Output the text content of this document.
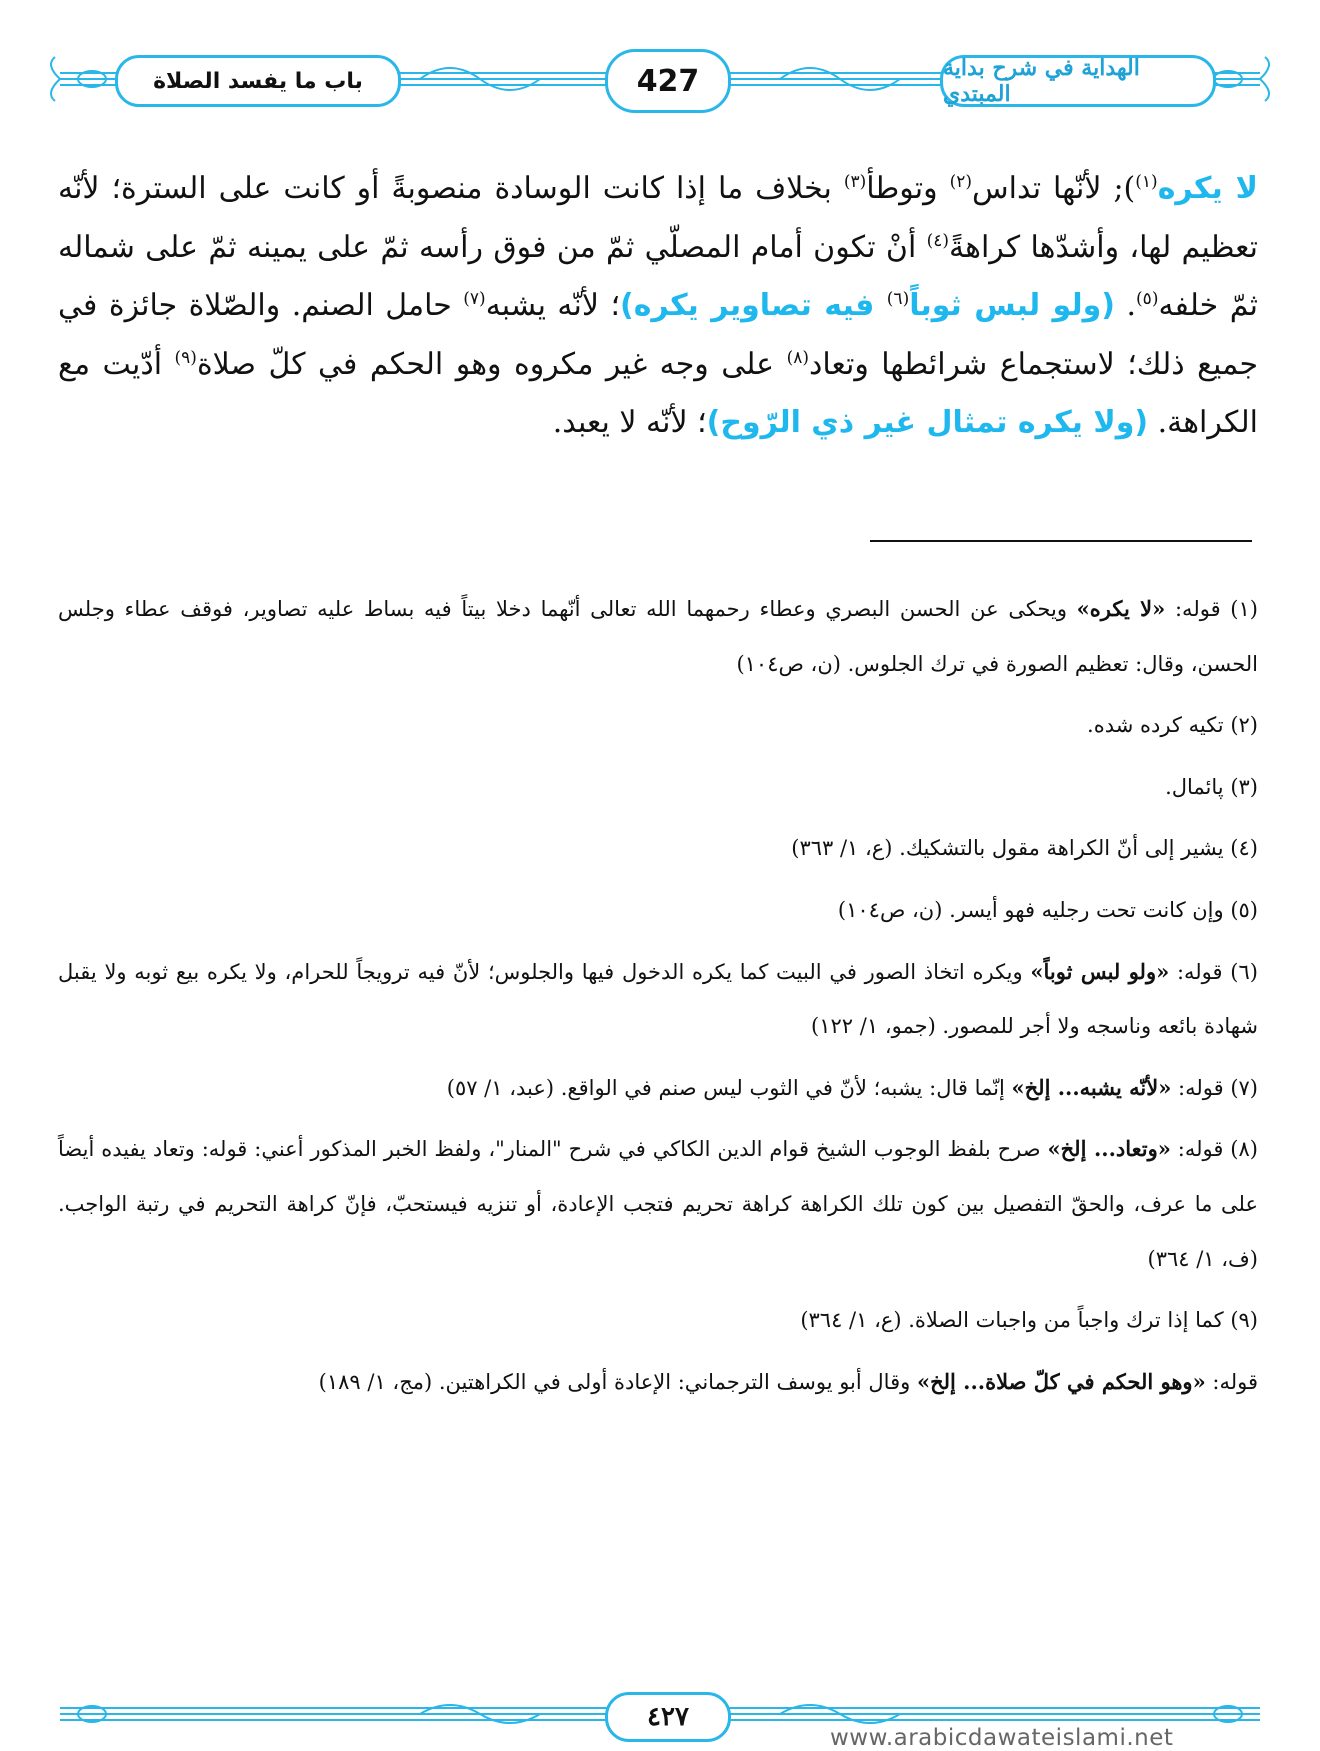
باب ما يفسد الصلاة	427	الهداية في شرح بداية المبتدي
لا يكره$^{(١)}$); لأنّها تداس$^{(٢)}$ وتوطأ$^{(٣)}$ بخلاف ما إذا كانت الوسادة منصوبةً أو كانت على السترة؛ لأنّه تعظيم لها، وأشدّها كراهةً$^{(٤)}$ أنْ تكون أمام المصلّي ثمّ من فوق رأسه ثمّ على يمينه ثمّ على شماله ثمّ خلفه$^{(٥)}$. (ولو لبس ثوباً$^{(٦)}$ فيه تصاوير يكره)؛ لأنّه يشبه$^{(٧)}$ حامل الصنم. والصّلاة جائزة في جميع ذلك؛ لاستجماع شرائطها وتعاد$^{(٨)}$ على وجه غير مكروه وهو الحكم في كلّ صلاة$^{(٩)}$ أدّيت مع الكراهة. (ولا يكره تمثال غير ذي الرّوح)؛ لأنّه لا يعبد.
(١) قوله: «لا يكره» ويحكى عن الحسن البصري وعطاء رحمهما الله تعالى أنّهما دخلا بيتاً فيه بساط عليه تصاوير، فوقف عطاء وجلس الحسن، وقال: تعظيم الصورة في ترك الجلوس. (ن، ص١٠٤)
(٢) تكيه كرده شده.
(٣) پائمال.
(٤) يشير إلى أنّ الكراهة مقول بالتشكيك. (ع، ١/ ٣٦٣)
(٥) وإن كانت تحت رجليه فهو أيسر. (ن، ص١٠٤)
(٦) قوله: «ولو لبس ثوباً» ويكره اتخاذ الصور في البيت كما يكره الدخول فيها والجلوس؛ لأنّ فيه ترويجاً للحرام، ولا يكره بيع ثوبه ولا يقبل شهادة بائعه وناسجه ولا أجر للمصور. (جمو، ١/ ١٢٢)
(٧) قوله: «لأنّه يشبه... إلخ» إنّما قال: يشبه؛ لأنّ في الثوب ليس صنم في الواقع. (عبد، ١/ ٥٧)
(٨) قوله: «وتعاد... إلخ» صرح بلفظ الوجوب الشيخ قوام الدين الكاكي في شرح "المنار"، ولفظ الخبر المذكور أعني: قوله: وتعاد يفيده أيضاً على ما عرف، والحقّ التفصيل بين كون تلك الكراهة كراهة تحريم فتجب الإعادة، أو تنزيه فيستحبّ، فإنّ كراهة التحريم في رتبة الواجب. (ف، ١/ ٣٦٤)
(٩) كما إذا ترك واجباً من واجبات الصلاة. (ع، ١/ ٣٦٤)
قوله: «وهو الحكم في كلّ صلاة... إلخ» وقال أبو يوسف الترجماني: الإعادة أولى في الكراهتين. (مج، ١/ ١٨٩)
٤٢٧
www.arabicdawateislami.net
